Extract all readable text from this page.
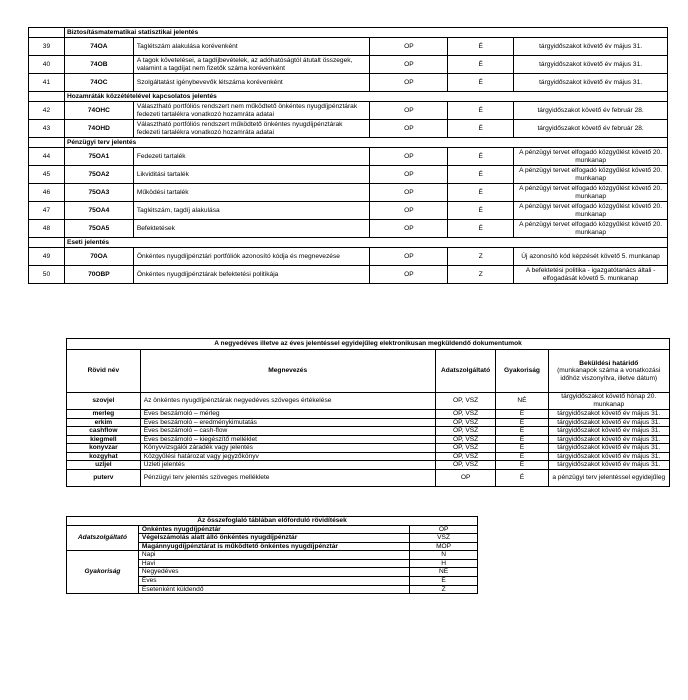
	Biztosításmatematikai statisztikai jelentés				
39	74OA	Taglétszám alakulása korévenként	OP	É	tárgyidőszakot követő év május 31.
40	74OB	A tagok követelései, a tagdíjbevételek, az adóhatóságtól átutalt összegek, valamint a tagdíjat nem fizetők száma korévenként	OP	É	tárgyidőszakot követő év május 31.
41	74OC	Szolgáltatást igénybevevők létszáma korévenként	OP	É	tárgyidőszakot követő év május 31.
	Hozamráták közzétételével kapcsolatos jelentés				
42	74OHC	Választható portfóliós rendszert nem működtető önkéntes nyugdíjpénztárak fedezeti tartalékra vonatkozó hozamráta adatai	OP	É	tárgyidőszakot követő év február 28.
43	74OHD	Választható portfóliós rendszert működtető önkéntes nyugdíjpénztárak fedezeti tartalékra vonatkozó hozamráta adatai	OP	É	tárgyidőszakot követő év február 28.
	Pénzügyi terv jelentés				
44	75OA1	Fedezeti tartalék	OP	É	A pénzügyi tervet elfogadó közgyűlést követő 20. munkanap
45	75OA2	Likviditási tartalék	OP	É	A pénzügyi tervet elfogadó közgyűlést követő 20. munkanap
46	75OA3	Működési tartalék	OP	É	A pénzügyi tervet elfogadó közgyűlést követő 20. munkanap
47	75OA4	Taglétszám, tagdíj alakulása	OP	É	A pénzügyi tervet elfogadó közgyűlést követő 20. munkanap
48	75OA5	Befektetések	OP	É	A pénzügyi tervet elfogadó közgyűlést követő 20. munkanap
	Eseti jelentés				
49	70OA	Önkéntes nyugdíjpénztári portfóliók azonosító kódja és megnevezése	OP	Z	Új azonosító kód képzését követő 5. munkanap
50	70OBP	Önkéntes nyugdíjpénztárak befektetési politikája	OP	Z	A befektetési politika - igazgatótanács általi - elfogadását követő 5. munkanap
A negyedéves illetve az éves jelentéssel egyidejűleg elektronikusan megküldendő dokumentumok				
Rövid név	Megnevezés	Adatszolgáltató	Gyakoriság	Beküldési határidő
(munkanapok száma a vonatkozási időhöz viszonyítva, illetve dátum)

szovjel	Az önkéntes nyugdíjpénztárak negyedéves szöveges értékelése	OP, VSZ	NÉ	tárgyidőszakot követő hónap 20. munkanap
merleg	Éves beszámoló – mérleg	OP, VSZ	É	tárgyidőszakot követő év május 31.
erkim	Éves beszámoló – eredménykimutatás	OP, VSZ	É	tárgyidőszakot követő év május 31.
cashflow	Éves beszámoló – cash-flow	OP, VSZ	É	tárgyidőszakot követő év május 31.
kiegmell	Éves beszámoló – kiegészítő melléklet	OP, VSZ	É	tárgyidőszakot követő év május 31.
konyvzar	Könyvvizsgálói záradék vagy jelentés	OP, VSZ	É	tárgyidőszakot követő év május 31.
kozgyhat	Közgyűlési határozat vagy jegyzőkönyv	OP, VSZ	É	tárgyidőszakot követő év május 31.
uzljel	Üzleti jelentés	OP, VSZ	É	tárgyidőszakot követő év május 31.
puterv	Pénzügyi terv jelentés szöveges melléklete	OP	É	a pénzügyi terv jelentéssel egyidejűleg
Az összefoglaló táblában előforduló rövidítések		
Adatszolgáltató	Önkéntes nyugdíjpénztár	OP
	Végelszámolás alatt álló önkéntes nyugdíjpénztár	VSZ
	Magánnyugdíjpénztárat is működtető önkéntes nyugdíjpénztár	MOP
Gyakoriság	Napi	N
	Havi	H
	Negyedéves	NÉ
	Éves	É
	Esetenként küldendő	Z
